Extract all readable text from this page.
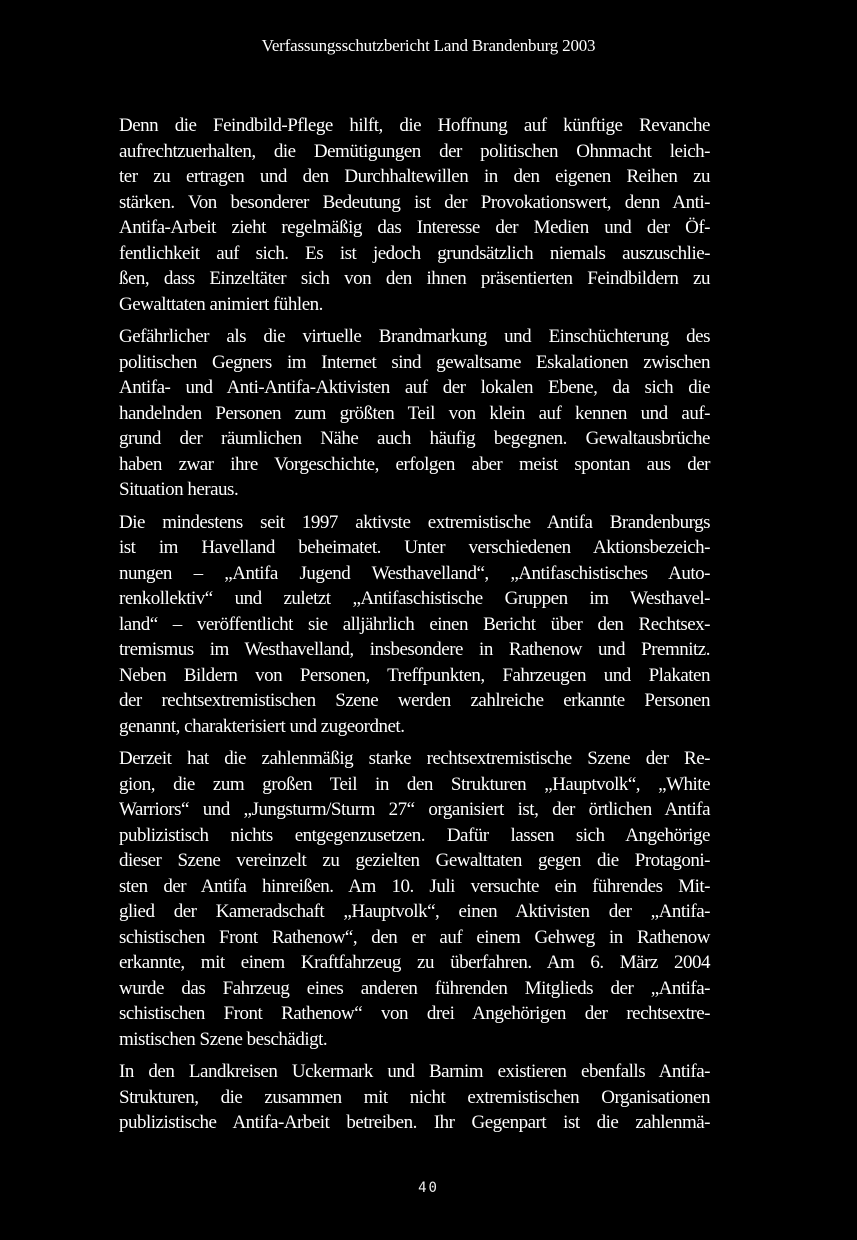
Verfassungsschutzbericht Land Brandenburg 2003
Denn die Feindbild-Pflege hilft, die Hoffnung auf künftige Revanche
aufrechtzuerhalten, die Demütigungen der politischen Ohnmacht leich-
ter zu ertragen und den Durchhaltewillen in den eigenen Reihen zu
stärken. Von besonderer Bedeutung ist der Provokationswert, denn Anti-
Antifa-Arbeit zieht regelmäßig das Interesse der Medien und der Öf-
fentlichkeit auf sich. Es ist jedoch grundsätzlich niemals auszuschlie-
ßen, dass Einzeltäter sich von den ihnen präsentierten Feindbildern zu
Gewalttaten animiert fühlen.
Gefährlicher als die virtuelle Brandmarkung und Einschüchterung des
politischen Gegners im Internet sind gewaltsame Eskalationen zwischen
Antifa- und Anti-Antifa-Aktivisten auf der lokalen Ebene, da sich die
handelnden Personen zum größten Teil von klein auf kennen und auf-
grund der räumlichen Nähe auch häufig begegnen. Gewaltausbrüche
haben zwar ihre Vorgeschichte, erfolgen aber meist spontan aus der
Situation heraus.
Die mindestens seit 1997 aktivste extremistische Antifa Brandenburgs
ist im Havelland beheimatet. Unter verschiedenen Aktionsbezeich-
nungen – „Antifa Jugend Westhavelland“, „Antifaschistisches Auto-
renkollektiv“ und zuletzt „Antifaschistische Gruppen im Westhavel-
land“ – veröffentlicht sie alljährlich einen Bericht über den Rechtsex-
tremismus im Westhavelland, insbesondere in Rathenow und Premnitz.
Neben Bildern von Personen, Treffpunkten, Fahrzeugen und Plakaten
der rechtsextremistischen Szene werden zahlreiche erkannte Personen
genannt, charakterisiert und zugeordnet.
Derzeit hat die zahlenmäßig starke rechtsextremistische Szene der Re-
gion, die zum großen Teil in den Strukturen „Hauptvolk“, „White
Warriors“ und „Jungsturm/Sturm 27“ organisiert ist, der örtlichen Antifa
publizistisch nichts entgegenzusetzen. Dafür lassen sich Angehörige
dieser Szene vereinzelt zu gezielten Gewalttaten gegen die Protagoni-
sten der Antifa hinreißen. Am 10. Juli versuchte ein führendes Mit-
glied der Kameradschaft „Hauptvolk“, einen Aktivisten der „Antifa-
schistischen Front Rathenow“, den er auf einem Gehweg in Rathenow
erkannte, mit einem Kraftfahrzeug zu überfahren. Am 6. März 2004
wurde das Fahrzeug eines anderen führenden Mitglieds der „Antifa-
schistischen Front Rathenow“ von drei Angehörigen der rechtsextre-
mistischen Szene beschädigt.
In den Landkreisen Uckermark und Barnim existieren ebenfalls Antifa-
Strukturen, die zusammen mit nicht extremistischen Organisationen
publizistische Antifa-Arbeit betreiben. Ihr Gegenpart ist die zahlenmä-
40
